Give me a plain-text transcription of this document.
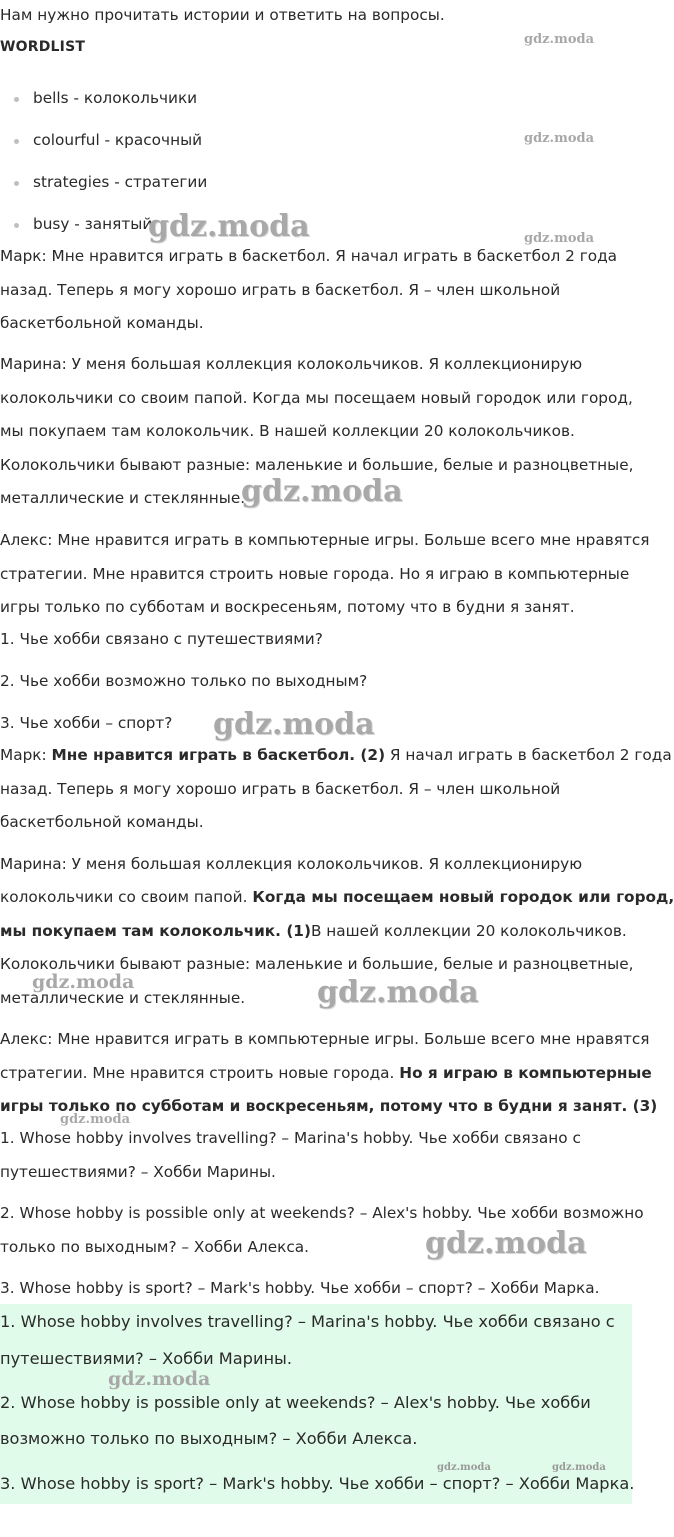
Нам нужно прочитать истории и ответить на вопросы.
WORDLIST
bells - колокольчики
colourful - красочный
strategies - стратегии
busy - занятый
Марк: Мне нравится играть в баскетбол. Я начал играть в баскетбол 2 года
назад. Теперь я могу хорошо играть в баскетбол. Я – член школьной
баскетбольной команды.
Марина: У меня большая коллекция колокольчиков. Я коллекционирую
колокольчики со своим папой. Когда мы посещаем новый городок или город,
мы покупаем там колокольчик. В нашей коллекции 20 колокольчиков.
Колокольчики бывают разные: маленькие и большие, белые и разноцветные,
металлические и стеклянные.
Алекс: Мне нравится играть в компьютерные игры. Больше всего мне нравятся
стратегии. Мне нравится строить новые города. Но я играю в компьютерные
игры только по субботам и воскресеньям, потому что в будни я занят.
1. Чье хобби связано с путешествиями?
2. Чье хобби возможно только по выходным?
3. Чье хобби – спорт?
Марк: Мне нравится играть в баскетбол. (2) Я начал играть в баскетбол 2 года
назад. Теперь я могу хорошо играть в баскетбол. Я – член школьной
баскетбольной команды.
Марина: У меня большая коллекция колокольчиков. Я коллекционирую
колокольчики со своим папой. Когда мы посещаем новый городок или город,
мы покупаем там колокольчик. (1)В нашей коллекции 20 колокольчиков.
Колокольчики бывают разные: маленькие и большие, белые и разноцветные,
металлические и стеклянные.
Алекс: Мне нравится играть в компьютерные игры. Больше всего мне нравятся
стратегии. Мне нравится строить новые города. Но я играю в компьютерные
игры только по субботам и воскресеньям, потому что в будни я занят. (3)
1. Whose hobby involves travelling? – Marina's hobby. Чье хобби связано с
путешествиями? – Хобби Марины.
2. Whose hobby is possible only at weekends? – Alex's hobby. Чье хобби возможно
только по выходным? – Хобби Алекса.
3. Whose hobby is sport? – Mark's hobby. Чье хобби – спорт? – Хобби Марка.
1. Whose hobby involves travelling? – Marina's hobby. Чье хобби связано с
путешествиями? – Хобби Марины.
2. Whose hobby is possible only at weekends? – Alex's hobby. Чье хобби
возможно только по выходным? – Хобби Алекса.
3. Whose hobby is sport? – Mark's hobby. Чье хобби – спорт? – Хобби Марка.
gdz.moda
gdz.moda
gdz.moda
gdz.moda
gdz.moda
gdz.moda
gdz.moda	gdz.moda
gdz.moda
gdz.moda
gdz.moda
gdz.moda	gdz.moda
